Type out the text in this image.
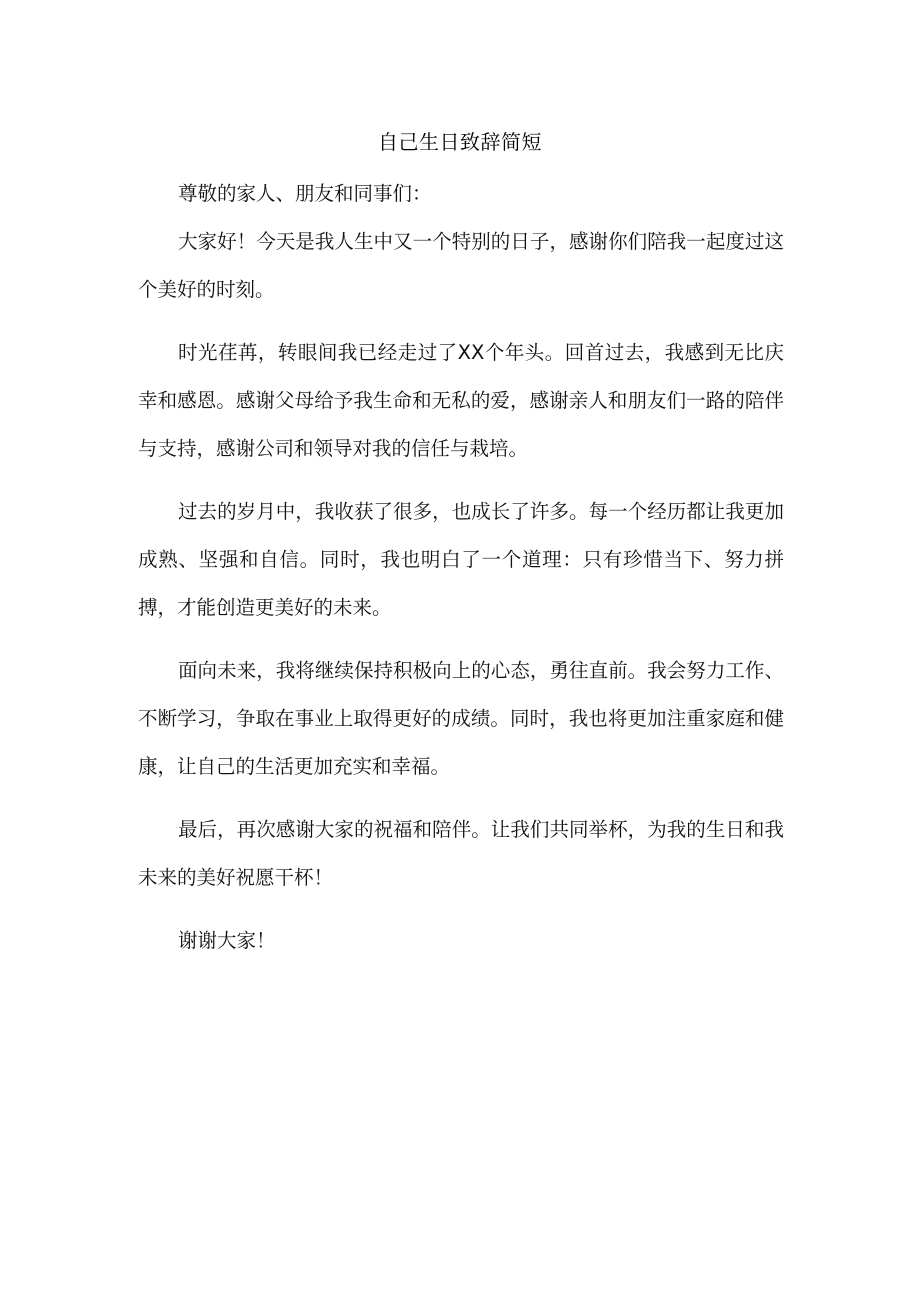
自己生日致辞简短

尊敬的家人、朋友和同事们：

大家好！今天是我人生中又一个特别的日子，感谢你们陪我一起度过这个美好的时刻。

时光荏苒，转眼间我已经走过了XX个年头。回首过去，我感到无比庆幸和感恩。感谢父母给予我生命和无私的爱，感谢亲人和朋友们一路的陪伴与支持，感谢公司和领导对我的信任与栽培。

过去的岁月中，我收获了很多，也成长了许多。每一个经历都让我更加成熟、坚强和自信。同时，我也明白了一个道理：只有珍惜当下、努力拼搏，才能创造更美好的未来。

面向未来，我将继续保持积极向上的心态，勇往直前。我会努力工作、不断学习，争取在事业上取得更好的成绩。同时，我也将更加注重家庭和健康，让自己的生活更加充实和幸福。

最后，再次感谢大家的祝福和陪伴。让我们共同举杯，为我的生日和我未来的美好祝愿干杯！

谢谢大家！
